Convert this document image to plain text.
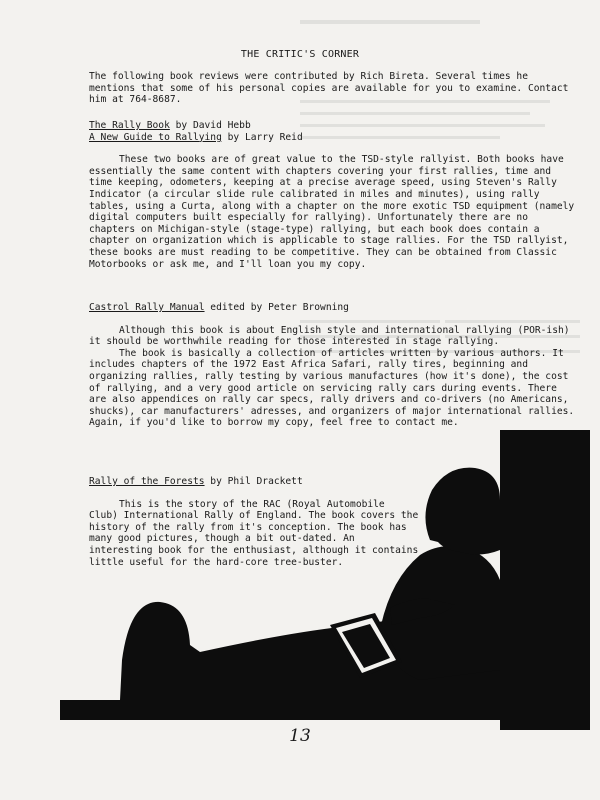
THE CRITIC'S CORNER

The following book reviews were contributed by Rich Bireta. Several times he mentions that some of his personal copies are available for you to examine. Contact him at 764-8687.

The Rally Book by David Hebb
A New Guide to Rallying by Larry Reid

These two books are of great value to the TSD-style rallyist. Both books have essentially the same content with chapters covering your first rallies, time and time keeping, odometers, keeping at a precise average speed, using Steven's Rally Indicator (a circular slide rule calibrated in miles and minutes), using rally tables, using a Curta, along with a chapter on the more exotic TSD equipment (namely digital computers built especially for rallying). Unfortunately there are no chapters on Michigan-style (stage-type) rallying, but each book does contain a chapter on organization which is applicable to stage rallies. For the TSD rallyist, these books are must reading to be competitive. They can be obtained from Classic Motorbooks or ask me, and I'll loan you my copy.

Castrol Rally Manual edited by Peter Browning

Although this book is about English style and international rallying (POR-ish) it should be worthwhile reading for those interested in stage rallying.

The book is basically a collection of articles written by various authors. It includes chapters of the 1972 East Africa Safari, rally tires, beginning and organizing rallies, rally testing by various manufactures (how it's done), the cost of rallying, and a very good article on servicing rally cars during events. There are also appendices on rally car specs, rally drivers and co-drivers (no Americans, shucks), car manufacturers' adresses, and organizers of major international rallies. Again, if you'd like to borrow my copy, feel free to contact me.

Rally of the Forests by Phil Drackett

This is the story of the RAC (Royal Automobile Club) International Rally of England. The book covers the history of the rally from it's conception. The book has many good pictures, though a bit out-dated. An interesting book for the enthusiast, although it contains little useful for the hard-core tree-buster.

13
